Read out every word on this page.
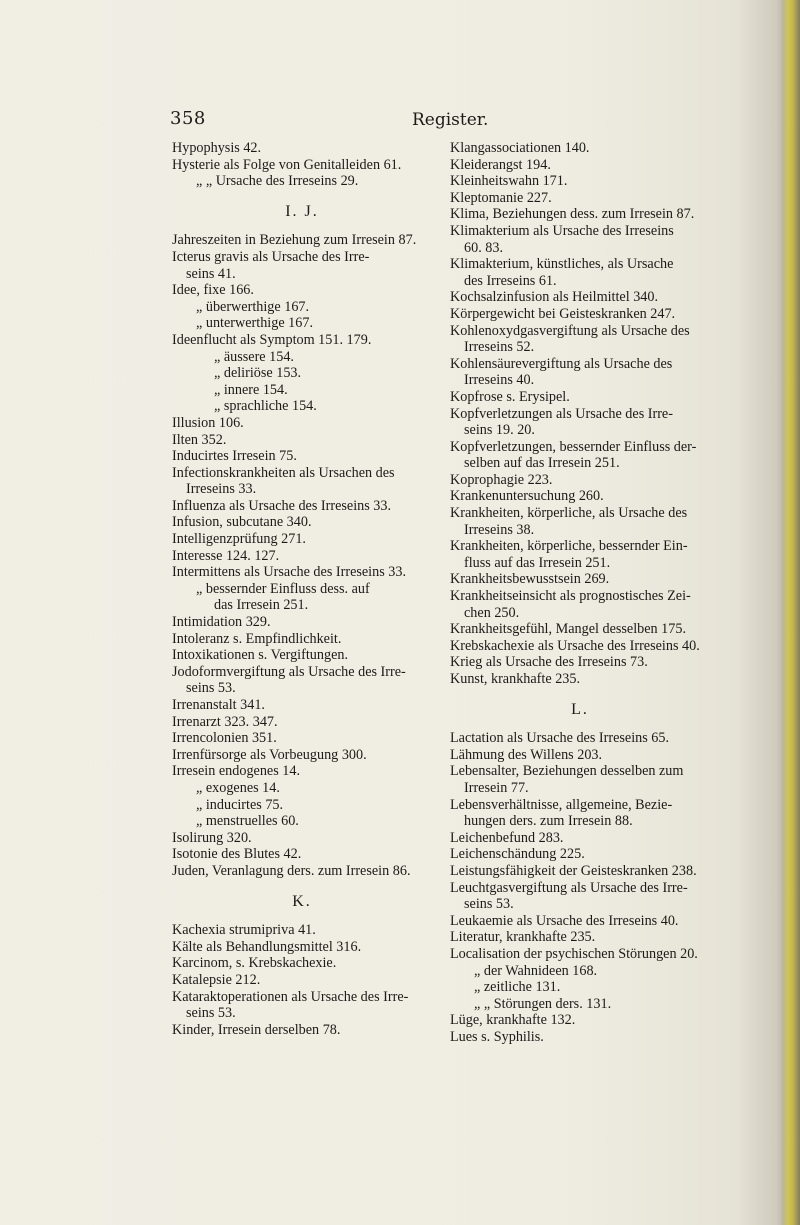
358	Register.
Hypophysis 42.
Hysterie als Folge von Genitalleiden 61.
„ „ Ursache des Irreseins 29.
I. J.
Jahreszeiten in Beziehung zum Irresein 87.
Icterus gravis als Ursache des Irre-
seins 41.
Idee, fixe 166.
„ überwerthige 167.
„ unterwerthige 167.
Ideenflucht als Symptom 151. 179.
„ äussere 154.
„ deliriöse 153.
„ innere 154.
„ sprachliche 154.
Illusion 106.
Ilten 352.
Inducirtes Irresein 75.
Infectionskrankheiten als Ursachen des
Irreseins 33.
Influenza als Ursache des Irreseins 33.
Infusion, subcutane 340.
Intelligenzprüfung 271.
Interesse 124. 127.
Intermittens als Ursache des Irreseins 33.
„ bessernder Einfluss dess. auf
das Irresein 251.
Intimidation 329.
Intoleranz s. Empfindlichkeit.
Intoxikationen s. Vergiftungen.
Jodoformvergiftung als Ursache des Irre-
seins 53.
Irrenanstalt 341.
Irrenarzt 323. 347.
Irrencolonien 351.
Irrenfürsorge als Vorbeugung 300.
Irresein endogenes 14.
„ exogenes 14.
„ inducirtes 75.
„ menstruelles 60.
Isolirung 320.
Isotonie des Blutes 42.
Juden, Veranlagung ders. zum Irresein 86.
K.
Kachexia strumipriva 41.
Kälte als Behandlungsmittel 316.
Karcinom, s. Krebskachexie.
Katalepsie 212.
Kataraktoperationen als Ursache des Irre-
seins 53.
Kinder, Irresein derselben 78.
Klangassociationen 140.
Kleiderangst 194.
Kleinheitswahn 171.
Kleptomanie 227.
Klima, Beziehungen dess. zum Irresein 87.
Klimakterium als Ursache des Irreseins
60. 83.
Klimakterium, künstliches, als Ursache
des Irreseins 61.
Kochsalzinfusion als Heilmittel 340.
Körpergewicht bei Geisteskranken 247.
Kohlenoxydgasvergiftung als Ursache des
Irreseins 52.
Kohlensäurevergiftung als Ursache des
Irreseins 40.
Kopfrose s. Erysipel.
Kopfverletzungen als Ursache des Irre-
seins 19. 20.
Kopfverletzungen, bessernder Einfluss der-
selben auf das Irresein 251.
Koprophagie 223.
Krankenuntersuchung 260.
Krankheiten, körperliche, als Ursache des
Irreseins 38.
Krankheiten, körperliche, bessernder Ein-
fluss auf das Irresein 251.
Krankheitsbewusstsein 269.
Krankheitseinsicht als prognostisches Zei-
chen 250.
Krankheitsgefühl, Mangel desselben 175.
Krebskachexie als Ursache des Irreseins 40.
Krieg als Ursache des Irreseins 73.
Kunst, krankhafte 235.
L.
Lactation als Ursache des Irreseins 65.
Lähmung des Willens 203.
Lebensalter, Beziehungen desselben zum
Irresein 77.
Lebensverhältnisse, allgemeine, Bezie-
hungen ders. zum Irresein 88.
Leichenbefund 283.
Leichenschändung 225.
Leistungsfähigkeit der Geisteskranken 238.
Leuchtgasvergiftung als Ursache des Irre-
seins 53.
Leukaemie als Ursache des Irreseins 40.
Literatur, krankhafte 235.
Localisation der psychischen Störungen 20.
„ der Wahnideen 168.
„ zeitliche 131.
„ „ Störungen ders. 131.
Lüge, krankhafte 132.
Lues s. Syphilis.
